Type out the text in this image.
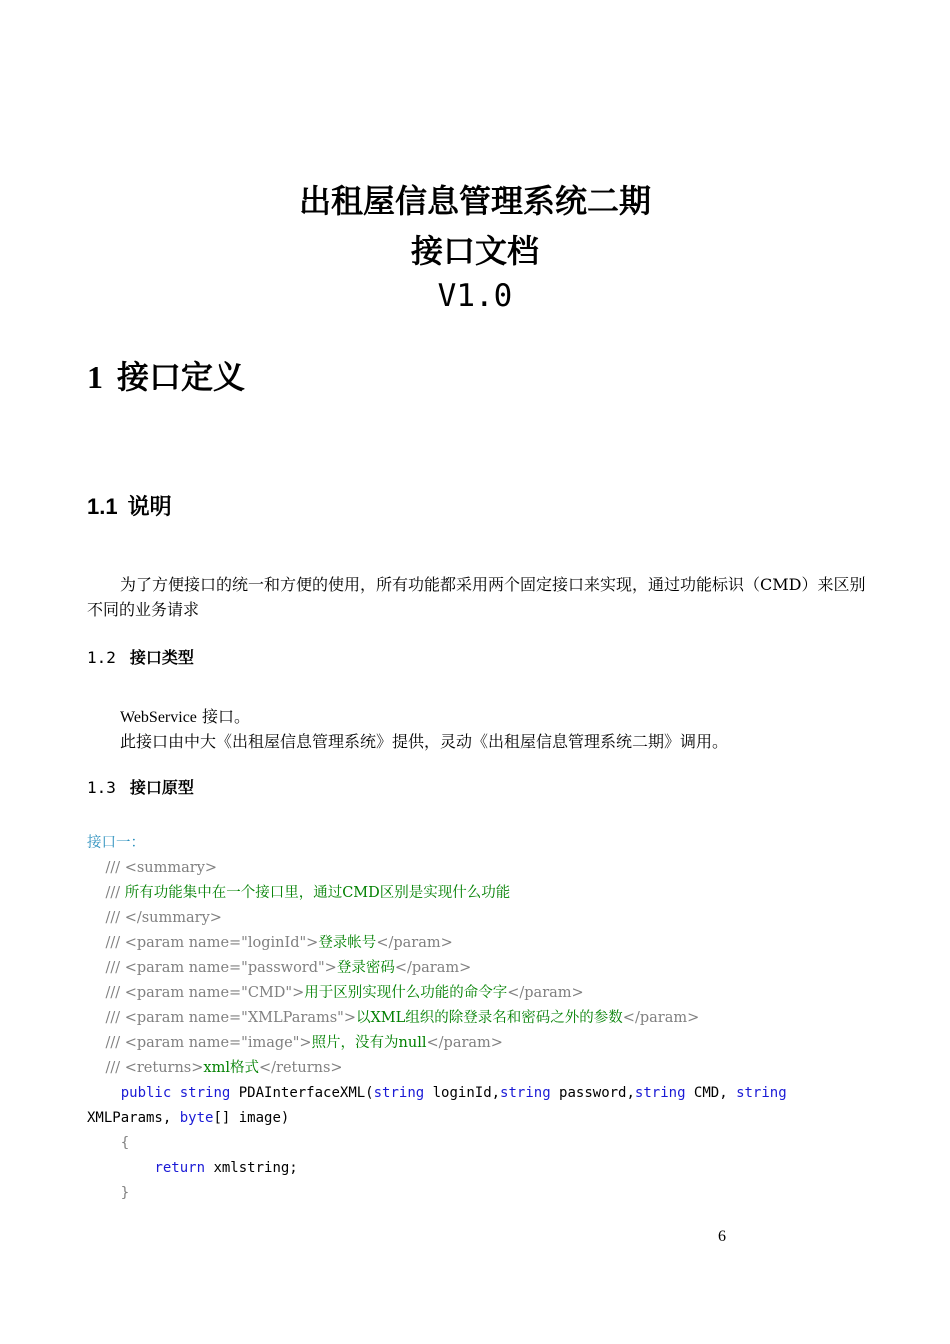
出租屋信息管理系统二期
接口文档
V1.0
1 接口定义
1.1 说明
为了方便接口的统一和方便的使用，所有功能都采用两个固定接口来实现，通过功能标识（CMD）来区别不同的业务请求
1.2 接口类型
WebService 接口。
此接口由中大《出租屋信息管理系统》提供，灵动《出租屋信息管理系统二期》调用。
1.3 接口原型
接口一：
/// <summary>
/// 所有功能集中在一个接口里，通过CMD区别是实现什么功能
/// </summary>
/// <param name="loginId">登录帐号</param>
/// <param name="password">登录密码</param>
/// <param name="CMD">用于区别实现什么功能的命令字</param>
/// <param name="XMLParams">以XML组织的除登录名和密码之外的参数</param>
/// <param name="image">照片，没有为null</param>
/// <returns>xml格式</returns>
public string PDAInterfaceXML(string loginId,string password,string CMD, string
XMLParams, byte[] image)
{
return xmlstring;
}
6
